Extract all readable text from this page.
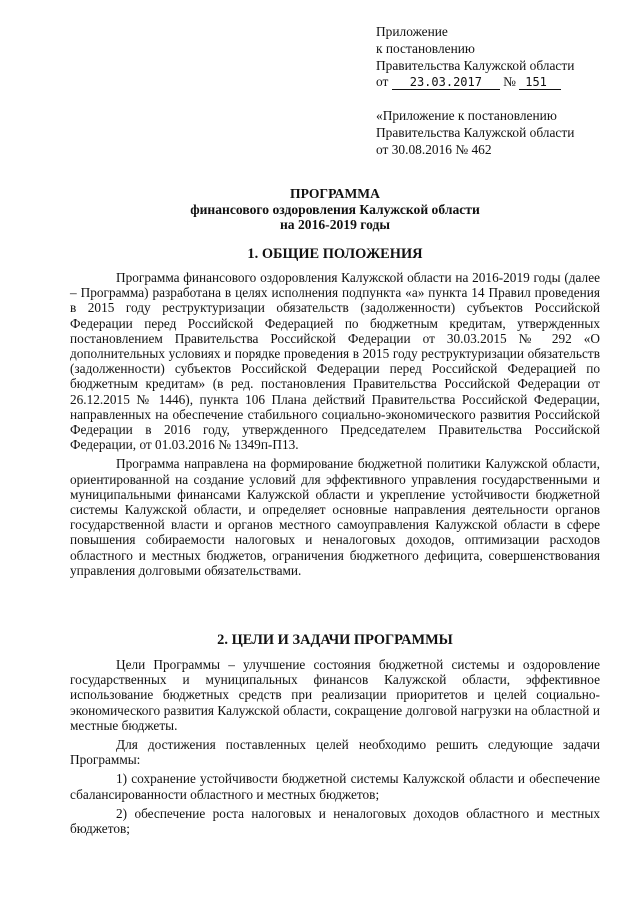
Приложение
к постановлению
Правительства Калужской области
от 23.03.2017 № 151
«Приложение к постановлению
Правительства Калужской области
от 30.08.2016 № 462
ПРОГРАММА
финансового оздоровления Калужской области
на 2016-2019 годы
1. ОБЩИЕ ПОЛОЖЕНИЯ

Программа финансового оздоровления Калужской области на 2016-2019 годы (далее – Программа) разработана в целях исполнения подпункта «а» пункта 14 Правил проведения в 2015 году реструктуризации обязательств (задолженности) субъектов Российской Федерации перед Российской Федерацией по бюджетным кредитам, утвержденных постановлением Правительства Российской Федерации от 30.03.2015 № 292 «О дополнительных условиях и порядке проведения в 2015 году реструктуризации обязательств (задолженности) субъектов Российской Федерации перед Российской Федерацией по бюджетным кредитам» (в ред. постановления Правительства Российской Федерации от 26.12.2015 № 1446), пункта 106 Плана действий Правительства Российской Федерации, направленных на обеспечение стабильного социально-экономического развития Российской Федерации в 2016 году, утвержденного Председателем Правительства Российской Федерации, от 01.03.2016 № 1349п-П13.

Программа направлена на формирование бюджетной политики Калужской области, ориентированной на создание условий для эффективного управления государственными и муниципальными финансами Калужской области и укрепление устойчивости бюджетной системы Калужской области, и определяет основные направления деятельности органов государственной власти и органов местного самоуправления Калужской области в сфере повышения собираемости налоговых и неналоговых доходов, оптимизации расходов областного и местных бюджетов, ограничения бюджетного дефицита, совершенствования управления долговыми обязательствами.

2. ЦЕЛИ И ЗАДАЧИ ПРОГРАММЫ

Цели Программы – улучшение состояния бюджетной системы и оздоровление государственных и муниципальных финансов Калужской области, эффективное использование бюджетных средств при реализации приоритетов и целей социально-экономического развития Калужской области, сокращение долговой нагрузки на областной и местные бюджеты.

Для достижения поставленных целей необходимо решить следующие задачи Программы:

1) сохранение устойчивости бюджетной системы Калужской области и обеспечение сбалансированности областного и местных бюджетов;

2) обеспечение роста налоговых и неналоговых доходов областного и местных бюджетов;
